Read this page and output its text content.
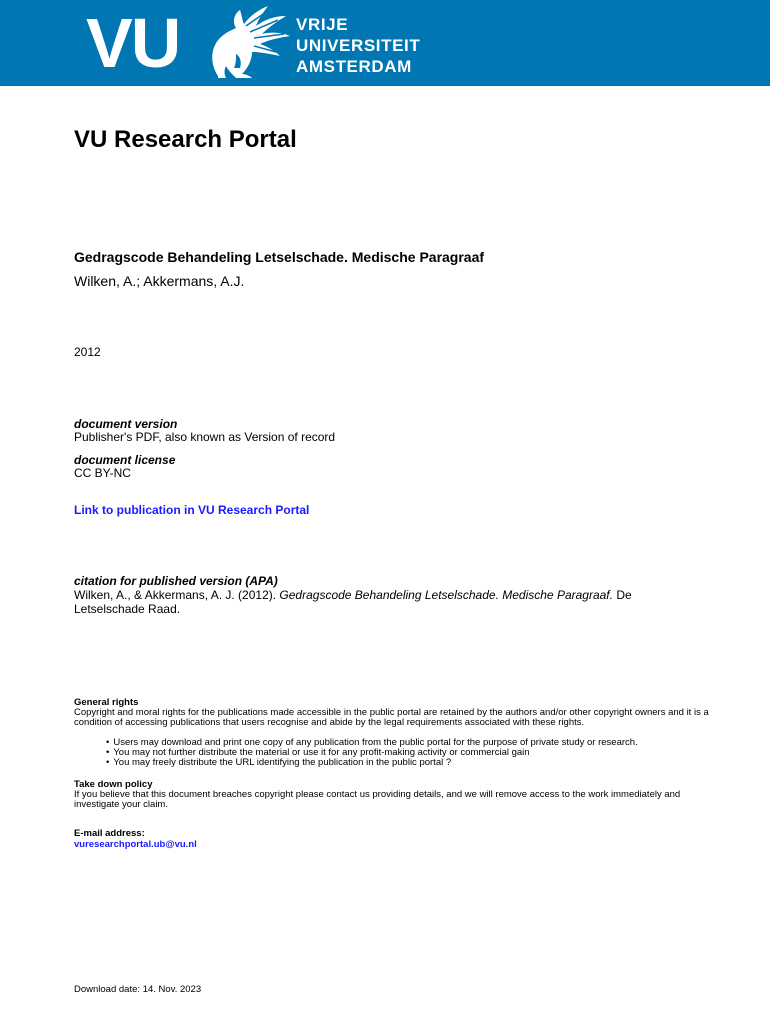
VU	VRIJE
UNIVERSITEIT
AMSTERDAM
VU Research Portal
Gedragscode Behandeling Letselschade. Medische Paragraaf
Wilken, A.; Akkermans, A.J.
2012
document version
Publisher's PDF, also known as Version of record
document license
CC BY-NC
Link to publication in VU Research Portal
citation for published version (APA)
Wilken, A., & Akkermans, A. J. (2012). Gedragscode Behandeling Letselschade. Medische Paragraaf. De Letselschade Raad.
General rights
Copyright and moral rights for the publications made accessible in the public portal are retained by the authors and/or other copyright owners and it is a condition of accessing publications that users recognise and abide by the legal requirements associated with these rights.
• Users may download and print one copy of any publication from the public portal for the purpose of private study or research.
• You may not further distribute the material or use it for any profit-making activity or commercial gain
• You may freely distribute the URL identifying the publication in the public portal ?
Take down policy
If you believe that this document breaches copyright please contact us providing details, and we will remove access to the work immediately and investigate your claim.
E-mail address:
vuresearchportal.ub@vu.nl
Download date: 14. Nov. 2023
